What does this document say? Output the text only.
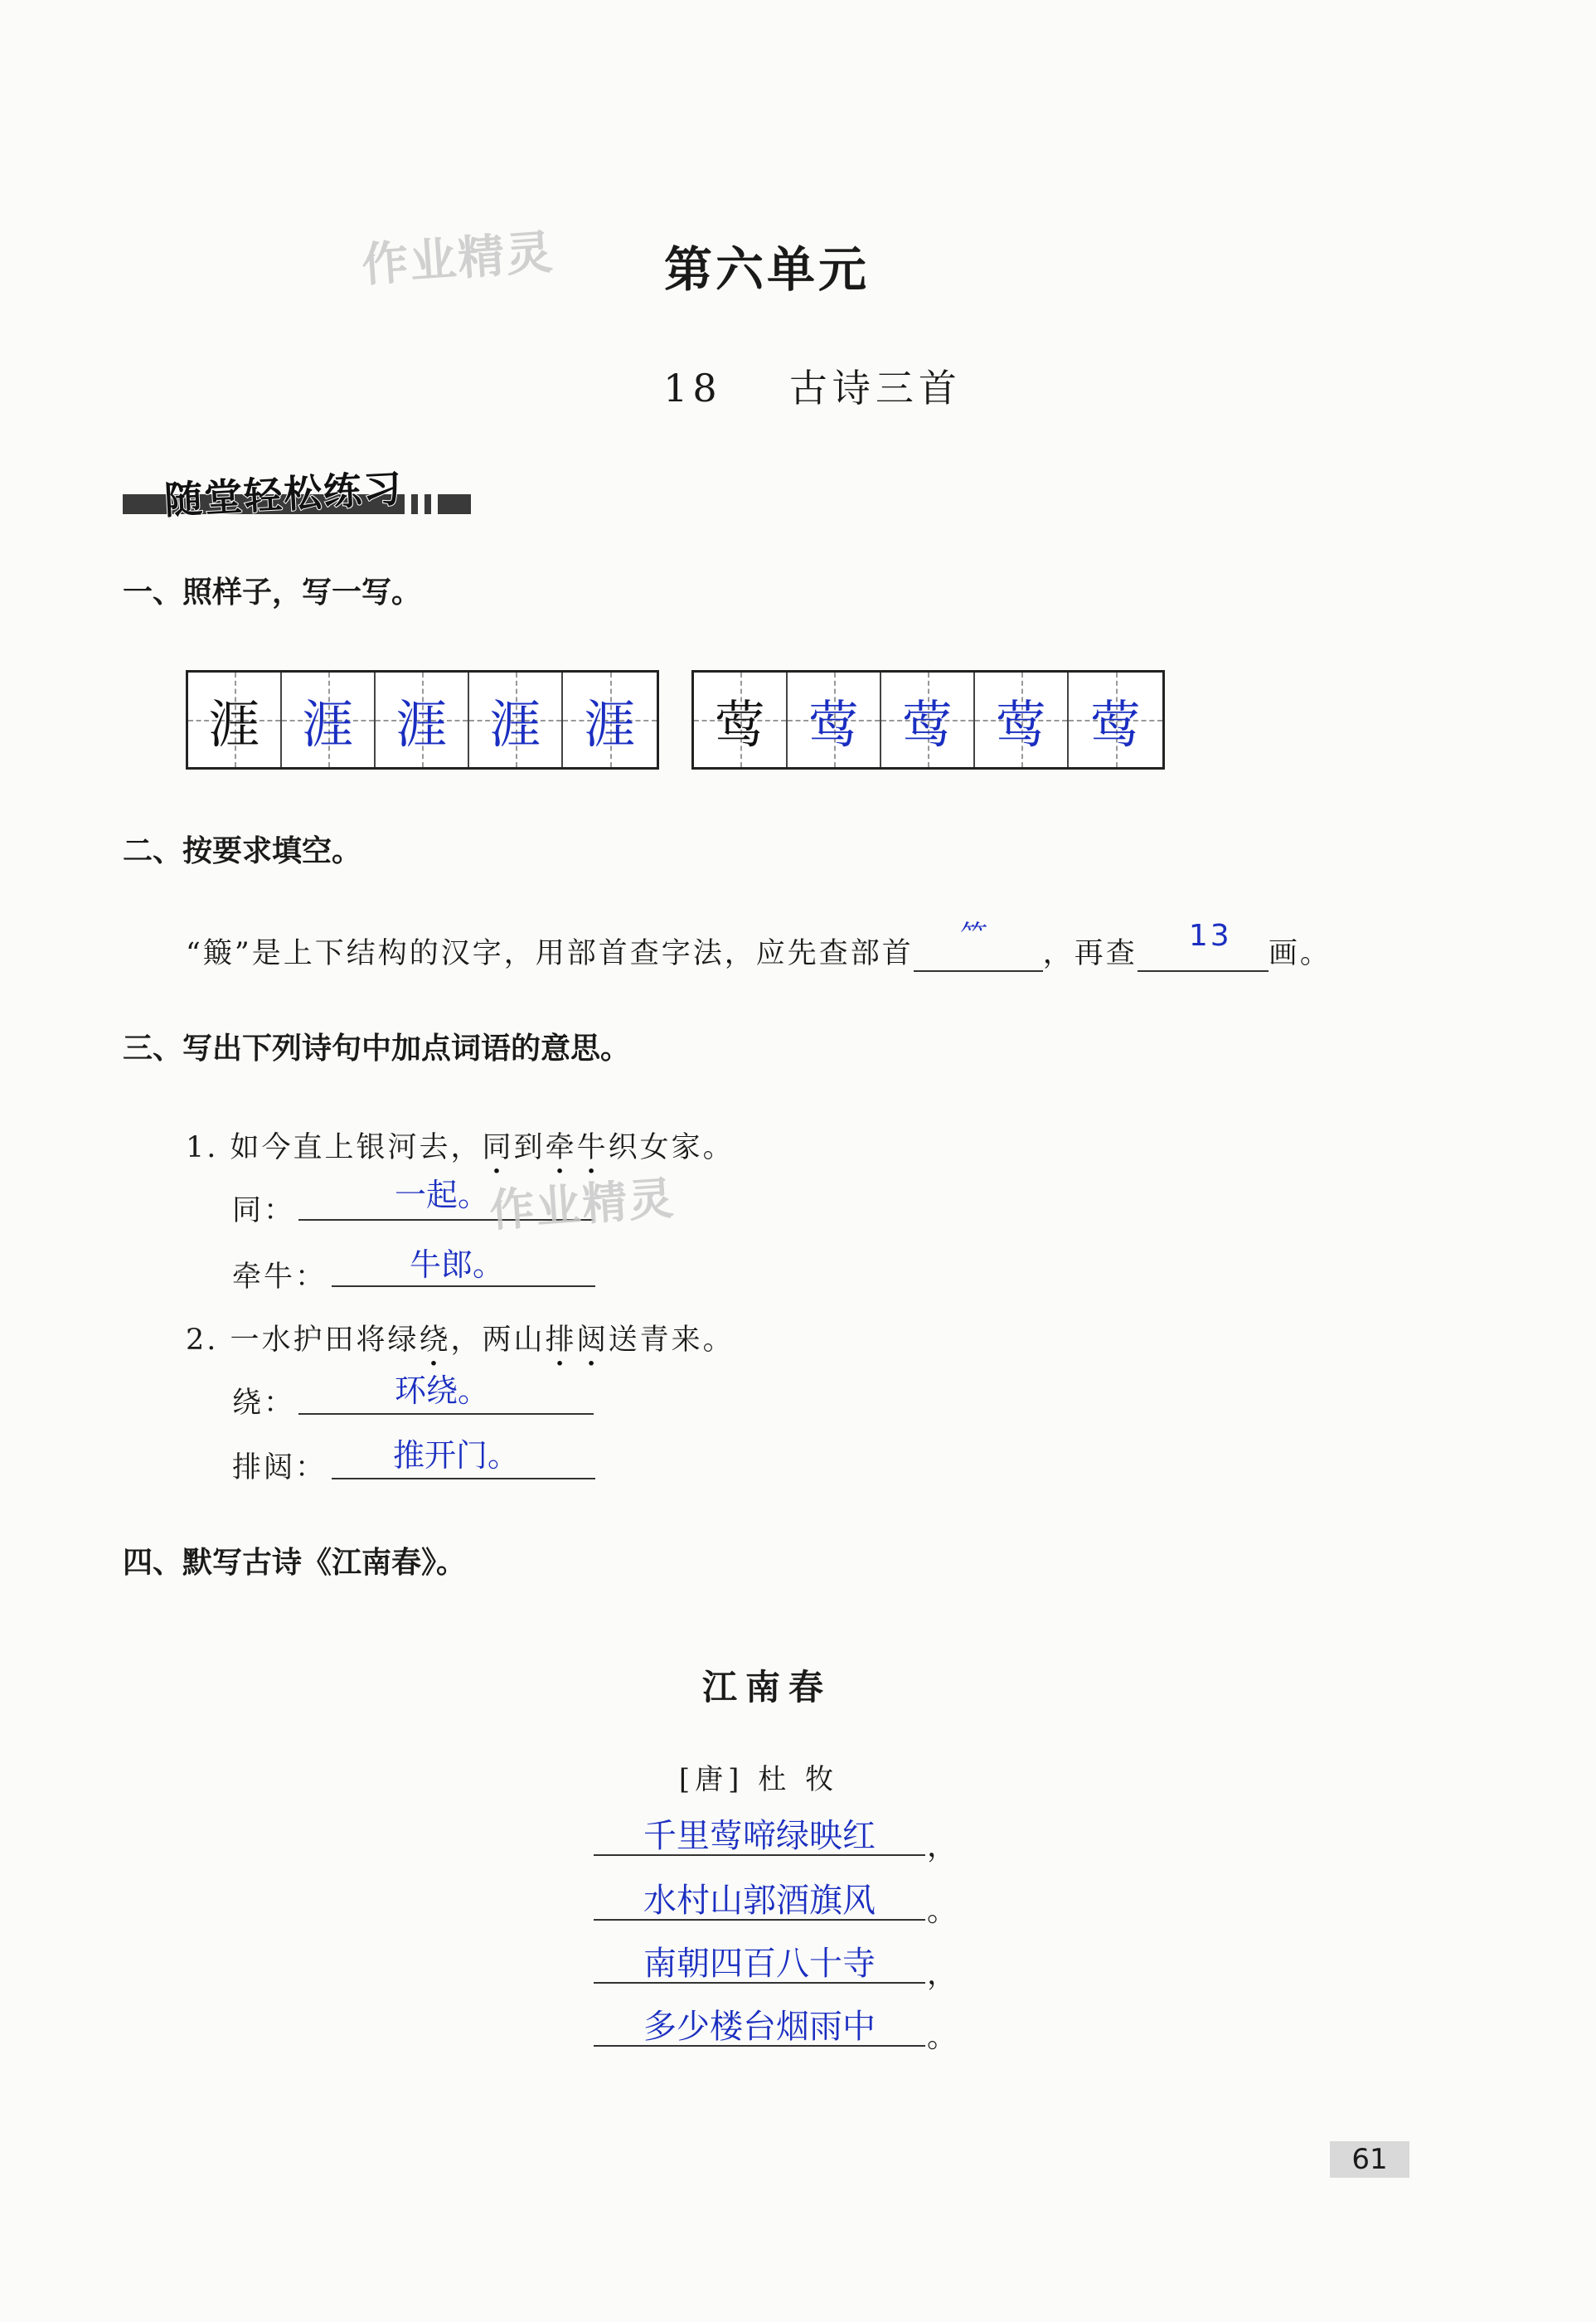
作业精灵	第六单元
18 古诗三首
随堂轻松练习
一、照样子，写一写。
涯 涯 涯 涯 涯 莺 莺 莺 莺 莺
二、按要求填空。
“簸”是上下结构的汉字，用部首查字法，应先查部首
⺮
，再查
13
画。
三、写出下列诗句中加点词语的意思。
1. 如今直上银河去，同到牵牛织女家。
同：	一起。
作业精灵
牵牛：	牛郎。
2. 一水护田将绿绕，两山排闼送青来。
绕：	环绕。
排闼： 推开门。
四、默写古诗《江南春》。
江南春
[唐] 杜 牧
千里莺啼绿映红	，
水村山郭酒旗风	。
南朝四百八十寺	，
多少楼台烟雨中	。
61
